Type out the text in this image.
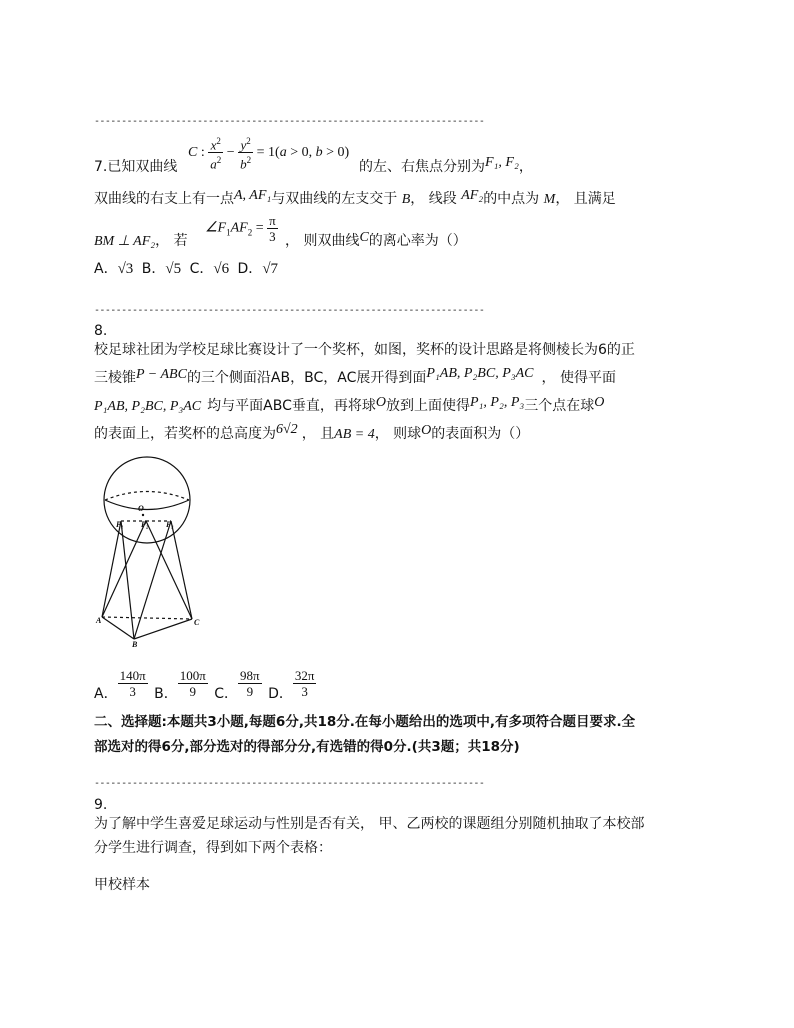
------------------------------------------------------------------------
7.已知双曲线
C : $\frac{x^2}{a^2} - \frac{y^2}{b^2} = 1(a > 0$, b > 0)
的左、右焦点分别为F₁, F₂，
双曲线的右支上有一点A, AF₁与双曲线的左支交于 B， 线段 AF₂的中点为 M， 且满足
BM ⊥ AF₂， 若
$\angle F_1AF_2 = \frac{\pi}{3}$ ， 则双曲线C的离心率为（）
A．√3 B．√5 C．√6 D．√7
------------------------------------------------------------------------
8.
校足球社团为学校足球比赛设计了一个奖杯，如图，奖杯的设计思路是将侧棱长为6的正
三棱锥P − ABC的三个侧面沿AB，BC，AC展开得到面P₁AB, P₂BC, P₃AC ， 使得平面
P₁AB, P₂BC, P₃AC 均与平面ABC垂直，再将球O放到上面使得P₁, P₂, P₃三个点在球O
的表面上，若奖杯的总高度为6√2 ， 且AB = 4， 则球O的表面积为（）
O
P₁ P₂ P₃
A
B
C
A． $\frac{140\pi}{3}$ B． $\frac{100\pi}{9}$ C． $\frac{98\pi}{9}$ D． $\frac{32\pi}{3}$
二、选择题:本题共3小题,每题6分,共18分.在每小题给出的选项中,有多项符合题目要求.全
部选对的得6分,部分选对的得部分分,有选错的得0分.(共3题；共18分)
------------------------------------------------------------------------
9.
为了解中学生喜爱足球运动与性别是否有关， 甲、乙两校的课题组分别随机抽取了本校部
分学生进行调查，得到如下两个表格：
甲校样本
